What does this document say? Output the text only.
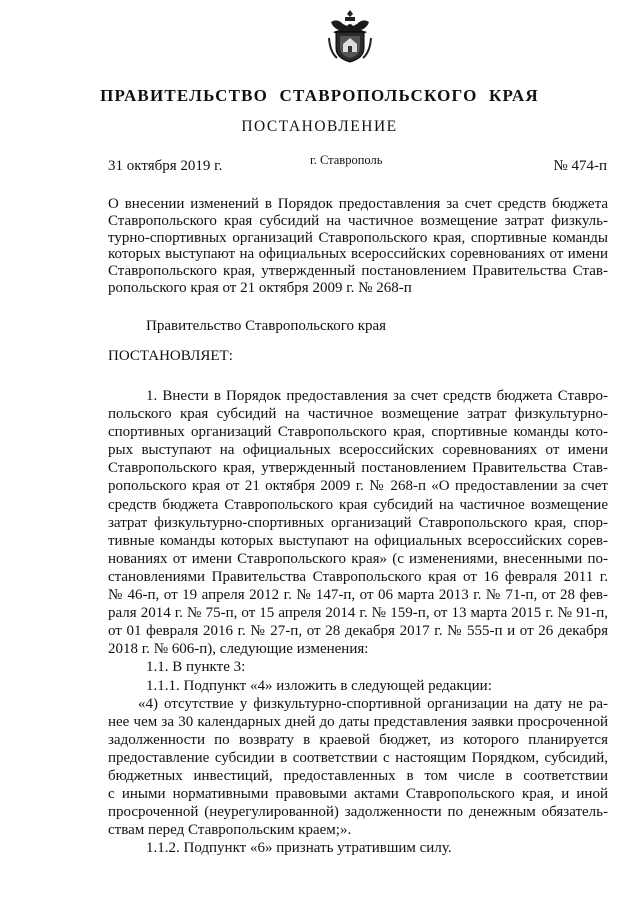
ПРАВИТЕЛЬСТВО СТАВРОПОЛЬСКОГО КРАЯ
ПОСТАНОВЛЕНИЕ
31 октября 2019 г.	г. Ставрополь	№ 474-п
О внесении изменений в Порядок предоставления за счет средств бюджета
Ставропольского края субсидий на частичное возмещение затрат физкуль-
турно-спортивных организаций Ставропольского края, спортивные команды
которых выступают на официальных всероссийских соревнованиях от имени
Ставропольского края, утвержденный постановлением Правительства Став-
ропольского края от 21 октября 2009 г. № 268-п
Правительство Ставропольского края
ПОСТАНОВЛЯЕТ:
1. Внести в Порядок предоставления за счет средств бюджета Ставро-
польского края субсидий на частичное возмещение затрат физкультурно-
спортивных организаций Ставропольского края, спортивные команды кото-
рых выступают на официальных всероссийских соревнованиях от имени
Ставропольского края, утвержденный постановлением Правительства Став-
ропольского края от 21 октября 2009 г. № 268-п «О предоставлении за счет
средств бюджета Ставропольского края субсидий на частичное возмещение
затрат физкультурно-спортивных организаций Ставропольского края, спор-
тивные команды которых выступают на официальных всероссийских сорев-
нованиях от имени Ставропольского края» (с изменениями, внесенными по-
становлениями Правительства Ставропольского края от 16 февраля 2011 г.
№ 46-п, от 19 апреля 2012 г. № 147-п, от 06 марта 2013 г. № 71-п, от 28 фев-
раля 2014 г. № 75-п, от 15 апреля 2014 г. № 159-п, от 13 марта 2015 г. № 91-п,
от 01 февраля 2016 г. № 27-п, от 28 декабря 2017 г. № 555-п и от 26 декабря
2018 г. № 606-п), следующие изменения:
1.1. В пункте 3:
1.1.1. Подпункт «4» изложить в следующей редакции:
«4) отсутствие у физкультурно-спортивной организации на дату не ра-
нее чем за 30 календарных дней до даты представления заявки просроченной
задолженности по возврату в краевой бюджет, из которого планируется
предоставление субсидии в соответствии с настоящим Порядком, субсидий,
бюджетных инвестиций, предоставленных в том числе в соответствии
с иными нормативными правовыми актами Ставропольского края, и иной
просроченной (неурегулированной) задолженности по денежным обязатель-
ствам перед Ставропольским краем;».
1.1.2. Подпункт «6» признать утратившим силу.
